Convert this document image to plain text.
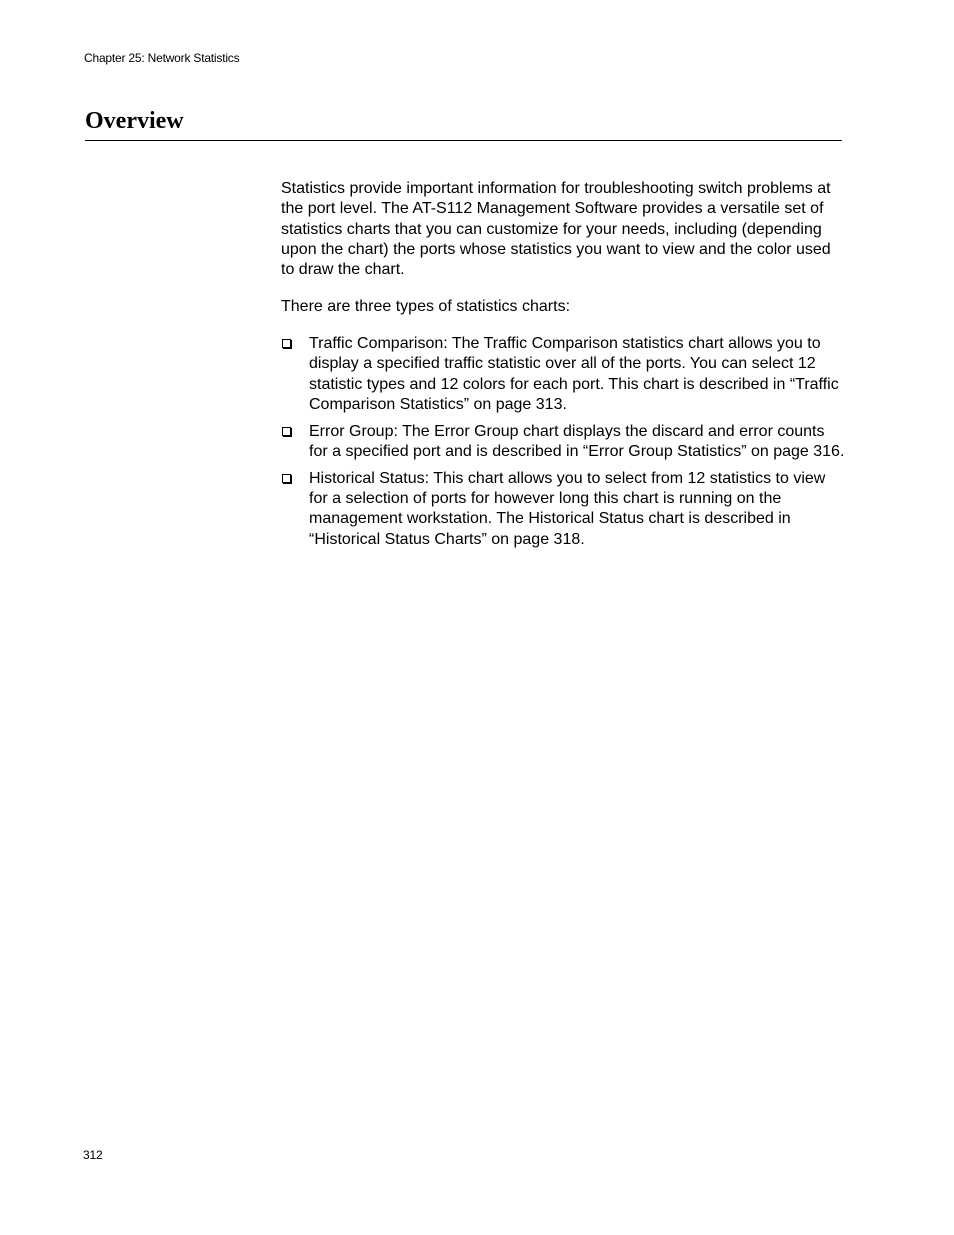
Chapter 25: Network Statistics
Overview

Statistics provide important information for troubleshooting switch problems at the port level. The AT-S112 Management Software provides a versatile set of statistics charts that you can customize for your needs, including (depending upon the chart) the ports whose statistics you want to view and the color used to draw the chart.

There are three types of statistics charts:

Traffic Comparison: The Traffic Comparison statistics chart allows you to display a specified traffic statistic over all of the ports. You can select 12 statistic types and 12 colors for each port. This chart is described in “Traffic Comparison Statistics” on page 313.
Error Group: The Error Group chart displays the discard and error counts for a specified port and is described in “Error Group Statistics” on page 316.
Historical Status: This chart allows you to select from 12 statistics to view for a selection of ports for however long this chart is running on the management workstation. The Historical Status chart is described in “Historical Status Charts” on page 318.
312
